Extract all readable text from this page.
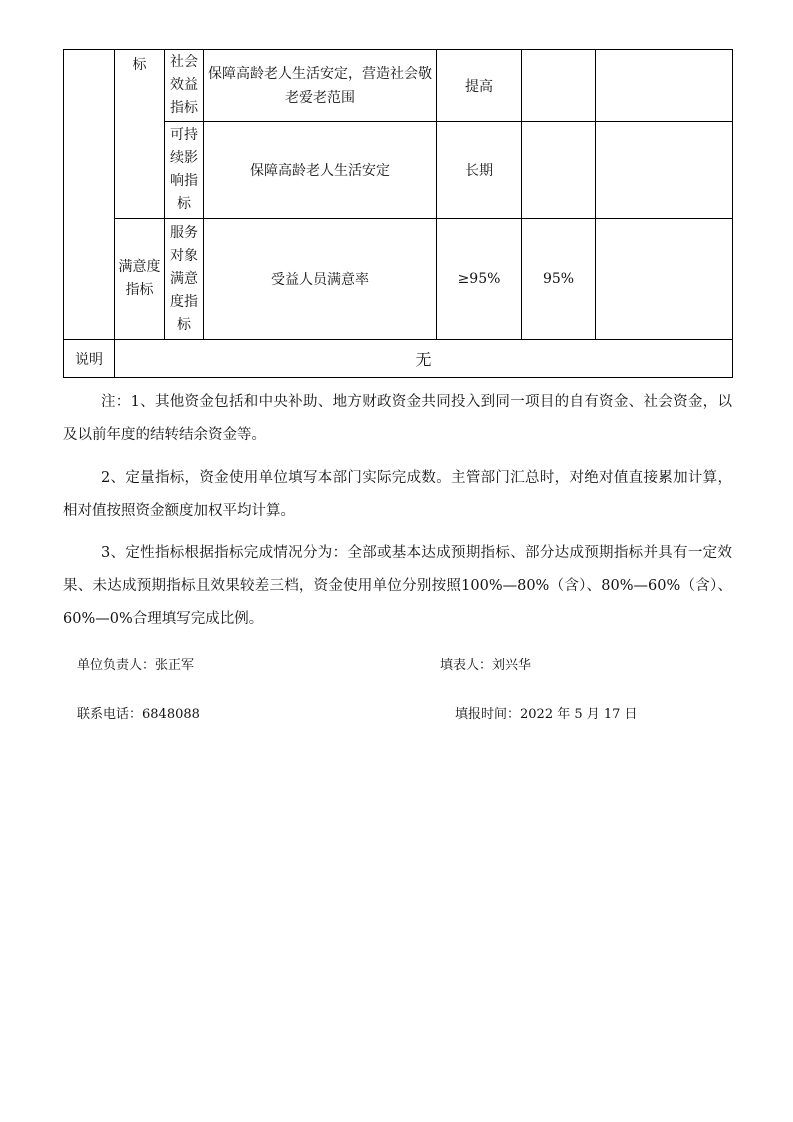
	标	社会效益指标	保障高龄老人生活安定，营造社会敬老爱老范围	提高		
		可持续影响指标	保障高龄老人生活安定	长期		
	满意度指标	服务对象满意度指标	受益人员满意率	≥95%	95%	
说明	无					

注：1、其他资金包括和中央补助、地方财政资金共同投入到同一项目的自有资金、社会资金，以及以前年度的结转结余资金等。

2、定量指标，资金使用单位填写本部门实际完成数。主管部门汇总时，对绝对值直接累加计算，相对值按照资金额度加权平均计算。

3、定性指标根据指标完成情况分为：全部或基本达成预期指标、部分达成预期指标并具有一定效果、未达成预期指标且效果较差三档，资金使用单位分别按照100%—80%（含）、80%—60%（含）、60%—0%合理填写完成比例。

单位负责人：张正军	填表人：刘兴华
联系电话：6848088	填报时间：2022 年 5 月 17 日
